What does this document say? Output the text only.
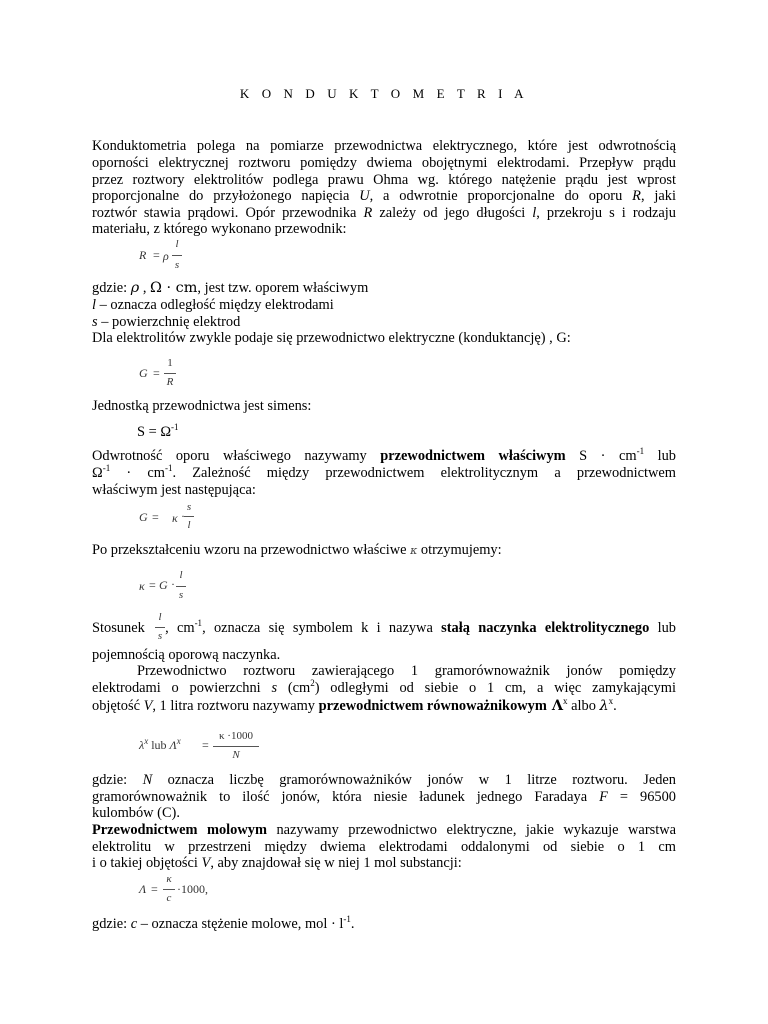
K O N D U K T O M E T R I A
Konduktometria polega na pomiarze przewodnictwa elektrycznego, które jest odwrotnością
oporności elektrycznej roztworu pomiędzy dwiema obojętnymi elektrodami. Przepływ prądu
przez roztwory elektrolitów podlega prawu Ohma wg. którego natężenie prądu jest wprost
proporcjonalne do przyłożonego napięcia U, a odwrotnie proporcjonalne do oporu R, jaki
roztwór stawia prądowi. Opór przewodnika R zależy od jego długości l, przekroju s i rodzaju
materiału, z którego wykonano przewodnik:
R = ρ
l
s
gdzie: ρ , Ω · cm, jest tzw. oporem właściwym
l – oznacza odległość między elektrodami
s – powierzchnię elektrod
Dla elektrolitów zwykle podaje się przewodnictwo elektryczne (konduktancję) , G:
G =
1
R
Jednostką przewodnictwa jest simens:
$S = \Omega^{-1}$
Odwrotność oporu właściwego nazywamy przewodnictwem właściwym $S \cdot cm^{-1}$ lub
$\Omega^{-1} \cdot cm^{-1}$. Zależność między przewodnictwem elektrolitycznym a przewodnictwem
właściwym jest następująca:
G = κ ·
s
l
Po przekształceniu wzoru na przewodnictwo właściwe κ otrzymujemy:
κ = G ·
l
s
Stosunek , $cm^{-1}$, oznacza się symbolem k i nazywa stałą naczynka elektrolitycznego lub
l
s
pojemnością oporową naczynka.
Przewodnictwo roztworu zawierającego 1 gramorównoważnik jonów pomiędzy
elektrodami o powierzchni s $(cm^2)$ odległymi od siebie o 1 cm, a więc zamykającymi
objętość V, 1 litra roztworu nazywamy przewodnictwem równoważnikowym $\Lambda^x$ albo $\lambda^x$.
$\lambda^x$ lub $\Lambda^x$ =
κ ·1000
N
gdzie: N oznacza liczbę gramorównoważników jonów w 1 litrze roztworu. Jeden
gramorównoważnik to ilość jonów, która niesie ładunek jednego Faradaya F = 96500
kulombów (C).
Przewodnictwem molowym nazywamy przewodnictwo elektryczne, jakie wykazuje warstwa
elektrolitu w przestrzeni między dwiema elektrodami oddalonymi od siebie o 1 cm
i o takiej objętości V, aby znajdował się w niej 1 mol substancji:
Λ =
κ
c
·1000,
gdzie: c – oznacza stężenie molowe, mol · $l^{-1}$.
